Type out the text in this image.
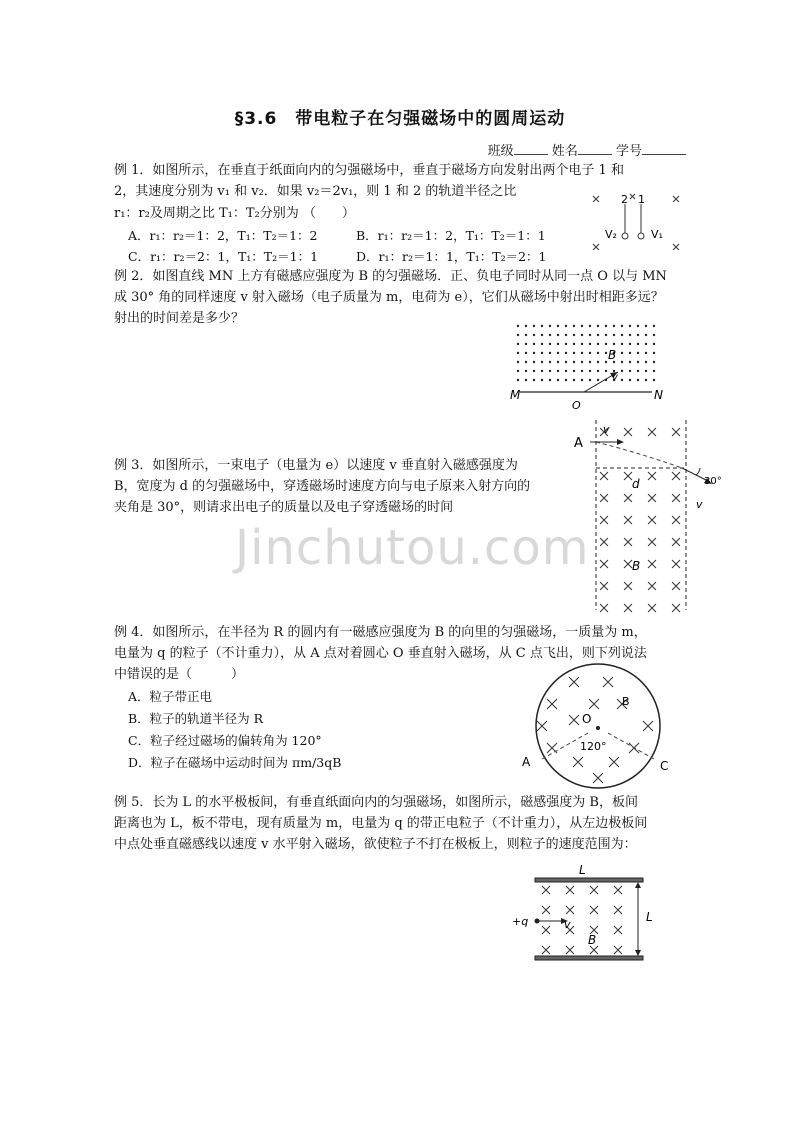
§3.6　带电粒子在匀强磁场中的圆周运动
班级	姓名	学号
Jinchutou.com
例 1．如图所示，在垂直于纸面向内的匀强磁场中，垂直于磁场方向发射出两个电子 1 和
2，其速度分别为 v₁ 和 v₂．如果 v₂＝2v₁，则 1 和 2 的轨道半径之比
r₁：r₂及周期之比 T₁：T₂分别为 （　　）
A．r₁：r₂＝1：2，T₁：T₂＝1：2	B．r₁：r₂＝1：2，T₁：T₂＝1：1
C．r₁：r₂＝2：1，T₁：T₂＝1：1	D．r₁：r₂＝1：1，T₁：T₂＝2：1
2 1
V₂	V₁
例 2．如图直线 MN 上方有磁感应强度为 B 的匀强磁场．正、负电子同时从同一点 O 以与 MN
成 30° 角的同样速度 v 射入磁场（电子质量为 m，电荷为 e），它们从磁场中射出时相距多远？
射出的时间差是多少？
B
v
M	N
O
例 3．如图所示，一束电子（电量为 e）以速度 v 垂直射入磁感强度为
B，宽度为 d 的匀强磁场中，穿透磁场时速度方向与电子原来入射方向的
夹角是 30°，则请求出电子的质量以及电子穿透磁场的时间
A
v
d	30°
v
B
例 4．如图所示，在半径为 R 的圆内有一磁感应强度为 B 的向里的匀强磁场，一质量为 m，
电量为 q 的粒子（不计重力），从 A 点对着圆心 O 垂直射入磁场，从 C 点飞出，则下列说法
中错误的是（　　　）
A．粒子带正电
B．粒子的轨道半径为 R
C．粒子经过磁场的偏转角为 120°
D．粒子在磁场中运动时间为 πm/3qB
O
B
120°
A	C
例 5．长为 L 的水平极板间，有垂直纸面向内的匀强磁场，如图所示，磁感强度为 B，板间
距离也为 L，板不带电，现有质量为 m，电量为 q 的带正电粒子（不计重力），从左边极板间
中点处垂直磁感线以速度 v 水平射入磁场，欲使粒子不打在极板上，则粒子的速度范围为：
L
L
+q	v
B
